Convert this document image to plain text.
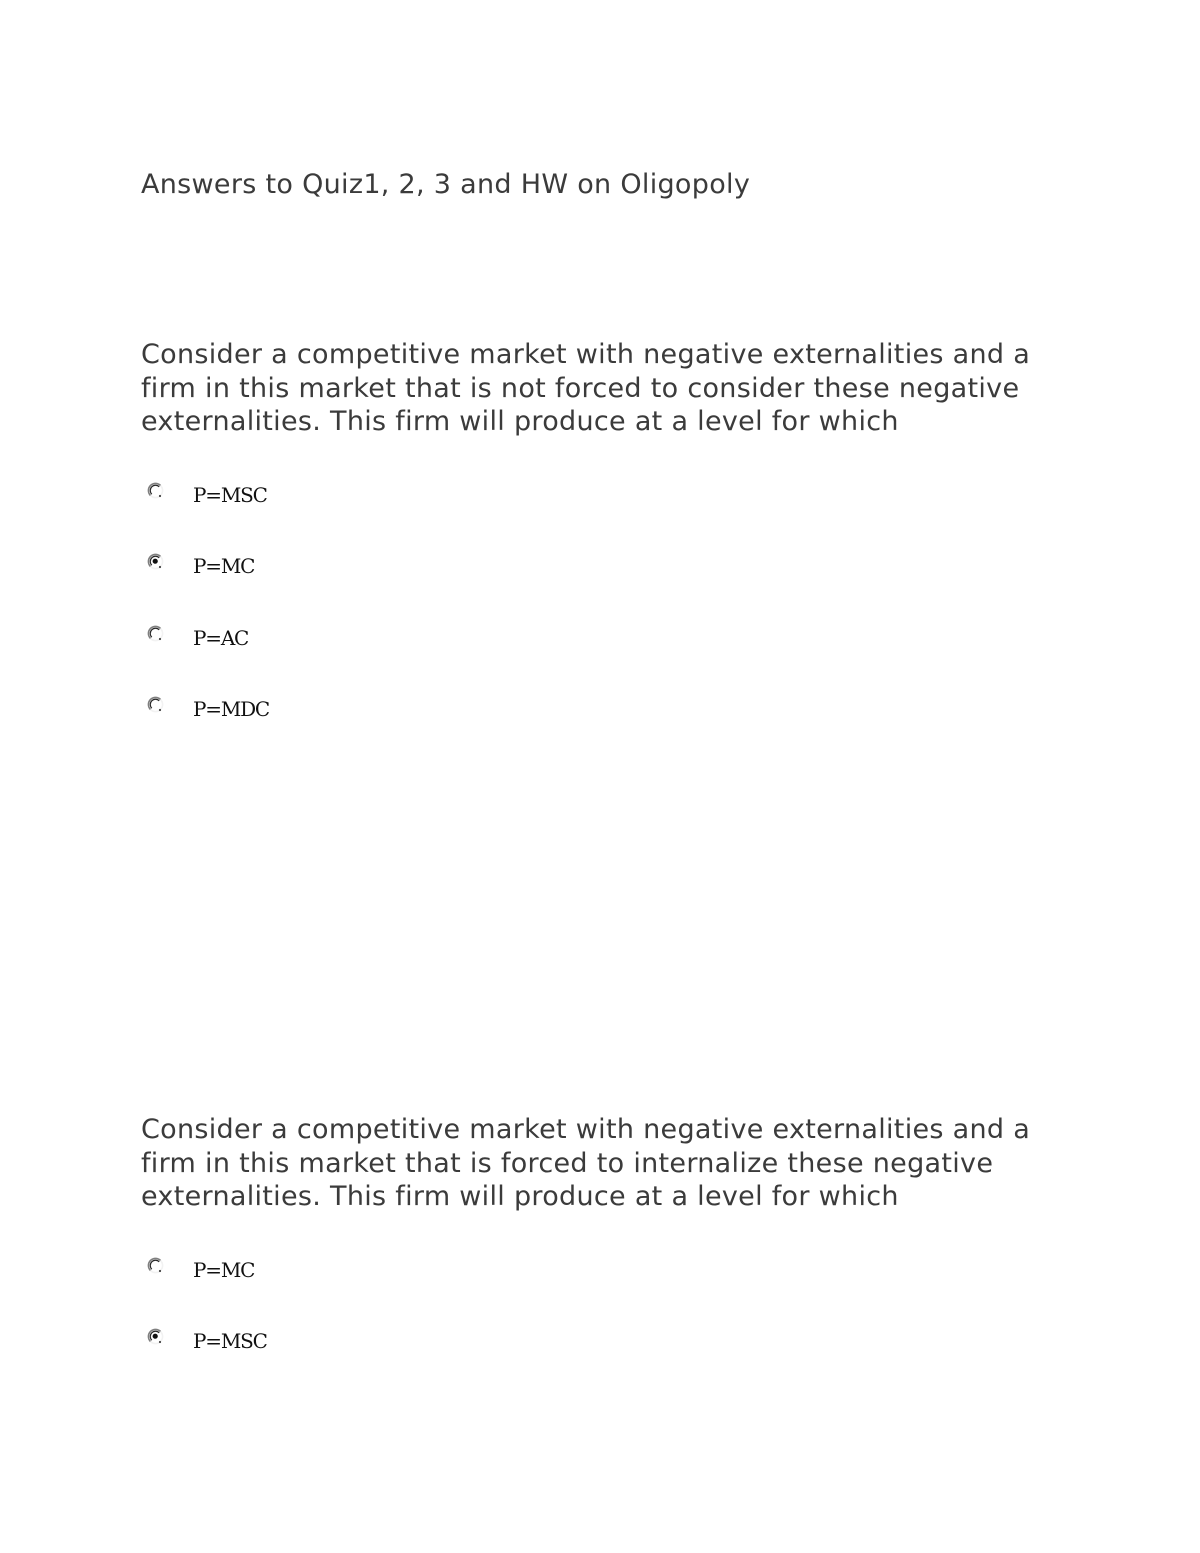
Answers to Quiz1, 2, 3 and HW on Oligopoly

Consider a competitive market with negative externalities and a firm in this market that is not forced to consider these negative externalities. This firm will produce at a level for which

P=MSC
P=MC
P=AC
P=MDC

Consider a competitive market with negative externalities and a firm in this market that is forced to internalize these negative externalities. This firm will produce at a level for which

P=MC
P=MSC
